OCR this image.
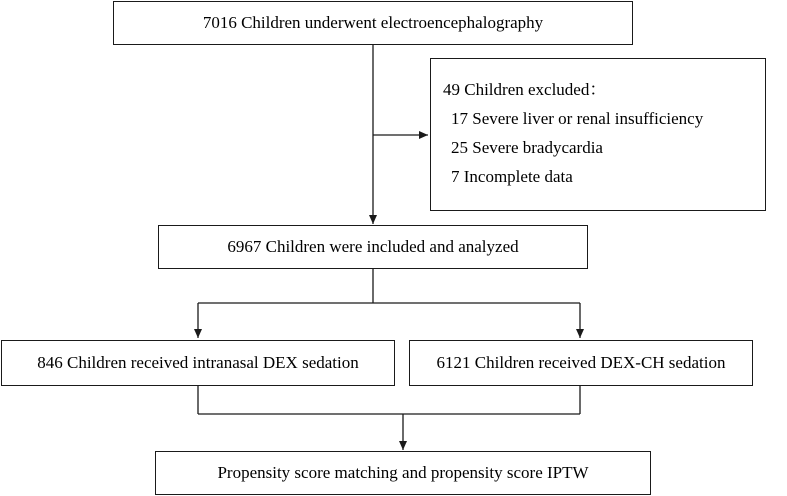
7016 Children underwent electroencephalography
49 Children excluded：
17 Severe liver or renal insufficiency
25 Severe bradycardia
7 Incomplete data
6967 Children were included and analyzed
846 Children received intranasal DEX sedation	6121 Children received DEX-CH sedation
Propensity score matching and propensity score IPTW
